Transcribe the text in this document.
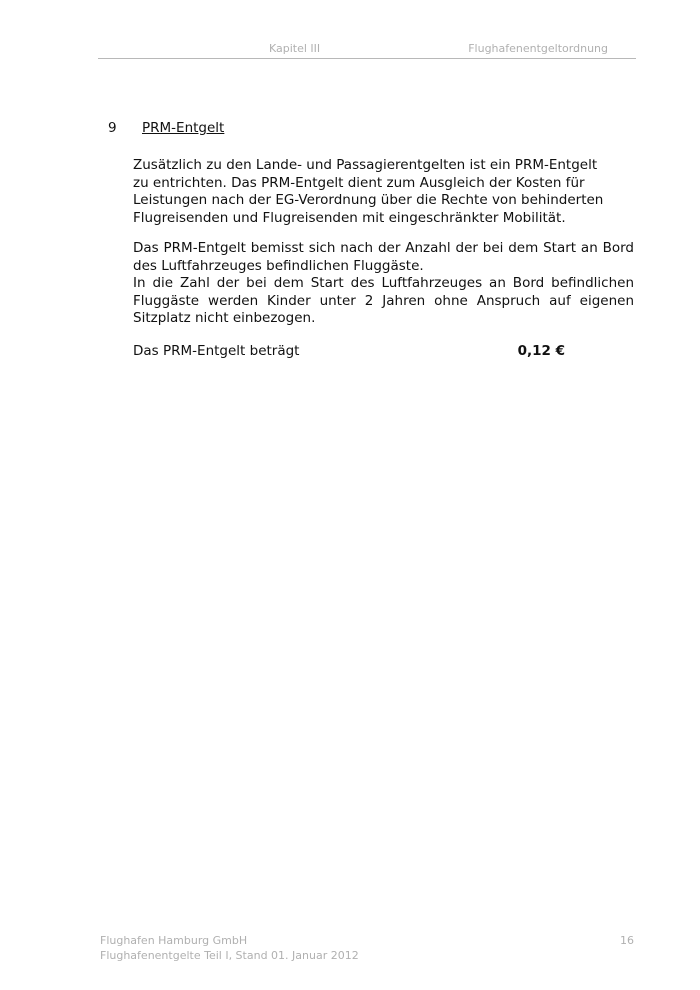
Kapitel III	Flughafenentgeltordnung
9 PRM-Entgelt

Zusätzlich zu den Lande- und Passagierentgelten ist ein PRM-Entgelt zu entrichten. Das PRM-Entgelt dient zum Ausgleich der Kosten für Leistungen nach der EG-Verordnung über die Rechte von behinderten Flugreisenden und Flugreisenden mit eingeschränkter Mobilität.

Das PRM-Entgelt bemisst sich nach der Anzahl der bei dem Start an Bord

des Luftfahrzeuges befindlichen Fluggäste.

In die Zahl der bei dem Start des Luftfahrzeuges an Bord befindlichen Fluggäste werden Kinder unter 2 Jahren ohne Anspruch auf eigenen Sitzplatz nicht einbezogen.

Das PRM-Entgelt beträgt	0,12 €
Flughafen Hamburg GmbH
Flughafenentgelte Teil I, Stand 01. Januar 2012
16
